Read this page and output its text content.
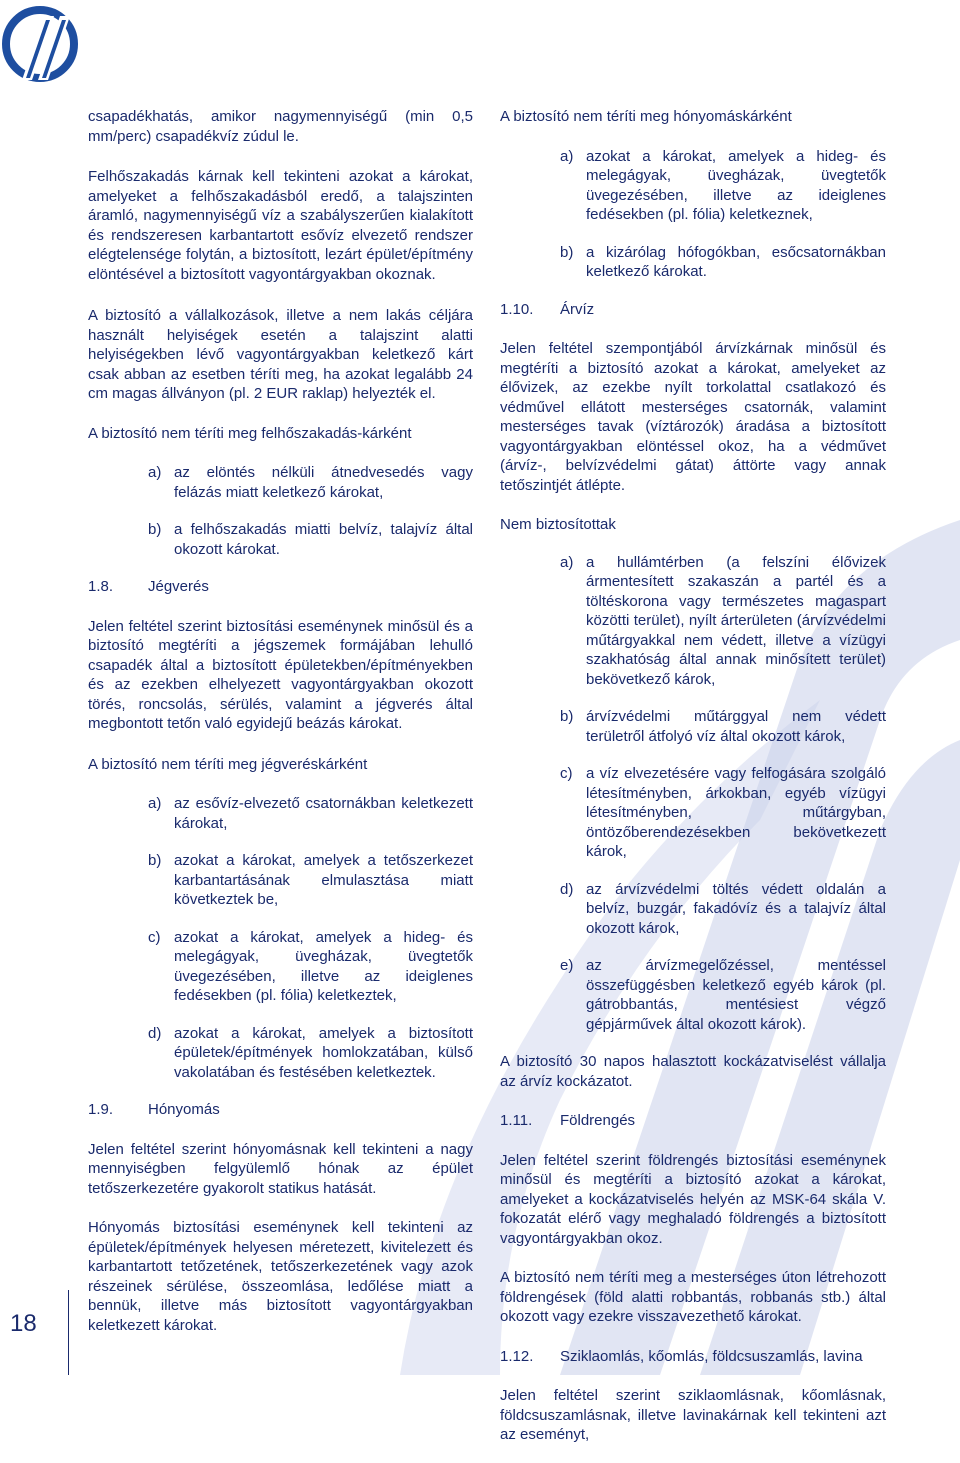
csapadékhatás, amikor nagymennyiségű (min 0,5 mm/perc) csapadékvíz zúdul le.

Felhőszakadás kárnak kell tekinteni azokat a károkat, amelyeket a felhőszakadásból eredő, a talajszinten áramló, nagymennyiségű víz a szabályszerűen kialakított és rendszeresen karbantartott esővíz elvezető rendszer elégtelensége folytán, a biztosított, lezárt épület/építmény elöntésével a biztosított vagyontárgyakban okoznak.

A biztosító a vállalkozások, illetve a nem lakás céljára használt helyiségek esetén a talajszint alatti helyiségekben lévő vagyontárgyakban keletkező kárt csak abban az esetben téríti meg, ha azokat legalább 24 cm magas állványon (pl. 2 EUR raklap) helyezték el.

A biztosító nem téríti meg felhőszakadás-kárként

a) az elöntés nélküli átnedvesedés vagy felázás miatt keletkező károkat,
b) a felhőszakadás miatti belvíz, talajvíz által okozott károkat.
1.8.	Jégverés

Jelen feltétel szerint biztosítási eseménynek minősül és a biztosító megtéríti a jégszemek formájában lehulló csapadék által a biztosított épületekben/építményekben és az ezekben elhelyezett vagyontárgyakban okozott törés, roncsolás, sérülés, valamint a jégverés által megbontott tetőn való egyidejű beázás károkat.

A biztosító nem téríti meg jégveréskárként

a) az esővíz-elvezető csatornákban keletkezett károkat,
b) azokat a károkat, amelyek a tetőszerkezet karbantartásának elmulasztása miatt következtek be,
c) azokat a károkat, amelyek a hideg- és melegágyak, üvegházak, üvegtetők üvegezésében, illetve az ideiglenes fedésekben (pl. fólia) keletkeztek,
d) azokat a károkat, amelyek a biztosított épületek/építmények homlokzatában, külső vakolatában és festésében keletkeztek.
1.9.	Hónyomás

Jelen feltétel szerint hónyomásnak kell tekinteni a nagy mennyiségben felgyülemlő hónak az épület tetőszerkezetére gyakorolt statikus hatását.

Hónyomás biztosítási eseménynek kell tekinteni az épületek/építmények helyesen méretezett, kivitelezett és karbantartott tetőzetének, tetőszerkezetének vagy azok részeinek sérülése, összeomlása, ledőlése miatt a bennük, illetve más biztosított vagyontárgyakban keletkezett károkat.

A biztosító nem téríti meg hónyomáskárként

a) azokat a károkat, amelyek a hideg- és melegágyak, üvegházak, üvegtetők üvegezésében, illetve az ideiglenes fedésekben (pl. fólia) keletkeznek,
b) a kizárólag hófogókban, esőcsatornákban keletkező károkat.
1.10.	Árvíz

Jelen feltétel szempontjából árvízkárnak minősül és megtéríti a biztosító azokat a károkat, amelyeket az élővizek, az ezekbe nyílt torkolattal csatlakozó és védművel ellátott mesterséges csatornák, valamint mesterséges tavak (víztározók) áradása a biztosított vagyontárgyakban elöntéssel okoz, ha a védművet (árvíz-, belvízvédelmi gátat) áttörte vagy annak tetőszintjét átlépte.

Nem biztosítottak

a) a hullámtérben (a felszíni élővizek ármentesített szakaszán a partél és a töltéskorona vagy természetes magaspart közötti terület), nyílt árterületen (árvízvédelmi műtárgyakkal nem védett, illetve a vízügyi szakhatóság által annak minősített terület) bekövetkező károk,
b) árvízvédelmi műtárggyal nem védett területről átfolyó víz által okozott károk,
c) a víz elvezetésére vagy felfogására szolgáló létesítményben, árkokban, egyéb vízügyi létesítményben, műtárgyban, öntözőberendezésekben bekövetkezett károk,
d) az árvízvédelmi töltés védett oldalán a belvíz, buzgár, fakadóvíz és a talajvíz által okozott károk,
e) az árvízmegelőzéssel, mentéssel összefüggésben keletkező egyéb károk (pl. gátrobbantás, mentésiest végző gépjárművek által okozott károk).

A biztosító 30 napos halasztott kockázatviselést vállalja az árvíz kockázatot.

1.11.	Földrengés

Jelen feltétel szerint földrengés biztosítási eseménynek minősül és megtéríti a biztosító azokat a károkat, amelyeket a kockázatviselés helyén az MSK-64 skála V. fokozatát elérő vagy meghaladó földrengés a biztosított vagyontárgyakban okoz.

A biztosító nem téríti meg a mesterséges úton létrehozott földrengések (föld alatti robbantás, robbanás stb.) által okozott vagy ezekre visszavezethető károkat.

1.12.	Sziklaomlás, kőomlás, földcsuszamlás, lavina

Jelen feltétel szerint sziklaomlásnak, kőomlásnak, földcsuszamlásnak, illetve lavinakárnak kell tekinteni azt az eseményt,

18
